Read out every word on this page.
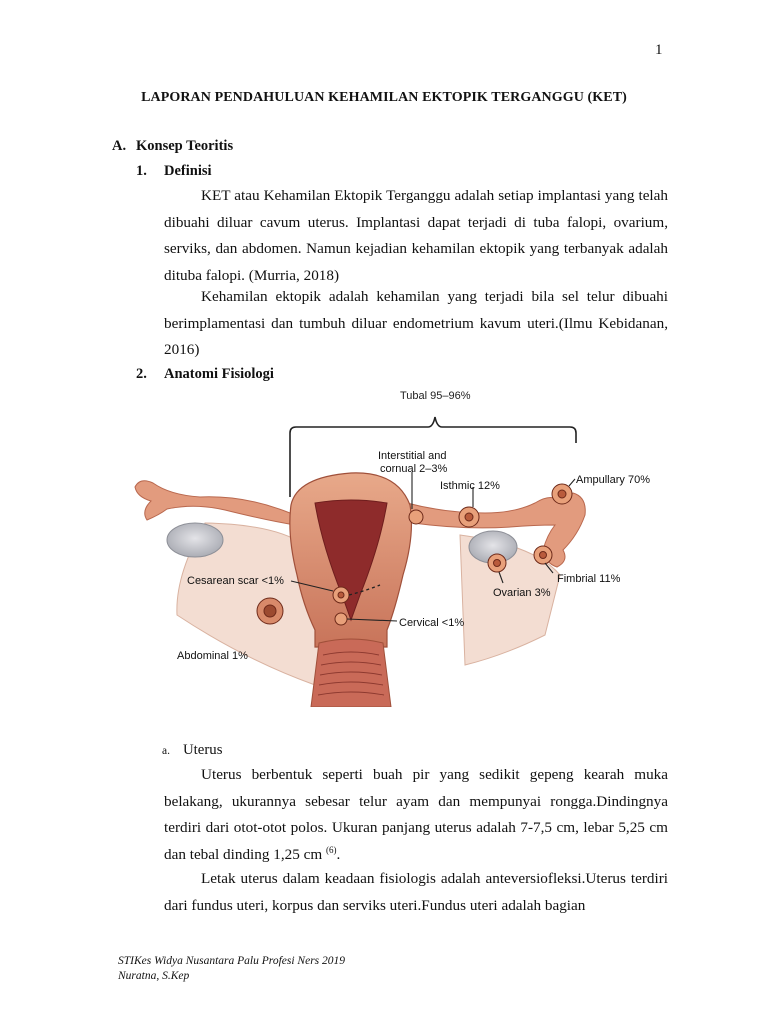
1
LAPORAN PENDAHULUAN KEHAMILAN EKTOPIK TERGANGGU (KET)
A. Konsep Teoritis
1. Definisi

KET atau Kehamilan Ektopik Terganggu adalah setiap implantasi yang telah dibuahi diluar cavum uterus. Implantasi dapat terjadi di tuba falopi, ovarium, serviks, dan abdomen. Namun kejadian kehamilan ektopik yang terbanyak adalah dituba falopi. (Murria, 2018)

Kehamilan ektopik adalah kehamilan yang terjadi bila sel telur dibuahi berimplamentasi dan tumbuh diluar endometrium kavum uteri.(Ilmu Kebidanan, 2016)

2. Anatomi Fisiologi
Tubal 95–96%
Interstitial and
cornual 2–3%
Isthmic 12%	Ampullary 70%
Fimbrial 11%
Ovarian 3%
Cesarean scar <1%
Cervical <1%
Abdominal 1%
a. Uterus

Uterus berbentuk seperti buah pir yang sedikit gepeng kearah muka belakang, ukurannya sebesar telur ayam dan mempunyai rongga.Dindingnya terdiri dari otot-otot polos. Ukuran panjang uterus adalah 7-7,5 cm, lebar 5,25 cm dan tebal dinding 1,25 cm $^{(6)}$.

Letak uterus dalam keadaan fisiologis adalah anteversiofleksi.Uterus terdiri dari fundus uteri, korpus dan serviks uteri.Fundus uteri adalah bagian

STIKes Widya Nusantara Palu Profesi Ners 2019
Nuratna, S.Kep
